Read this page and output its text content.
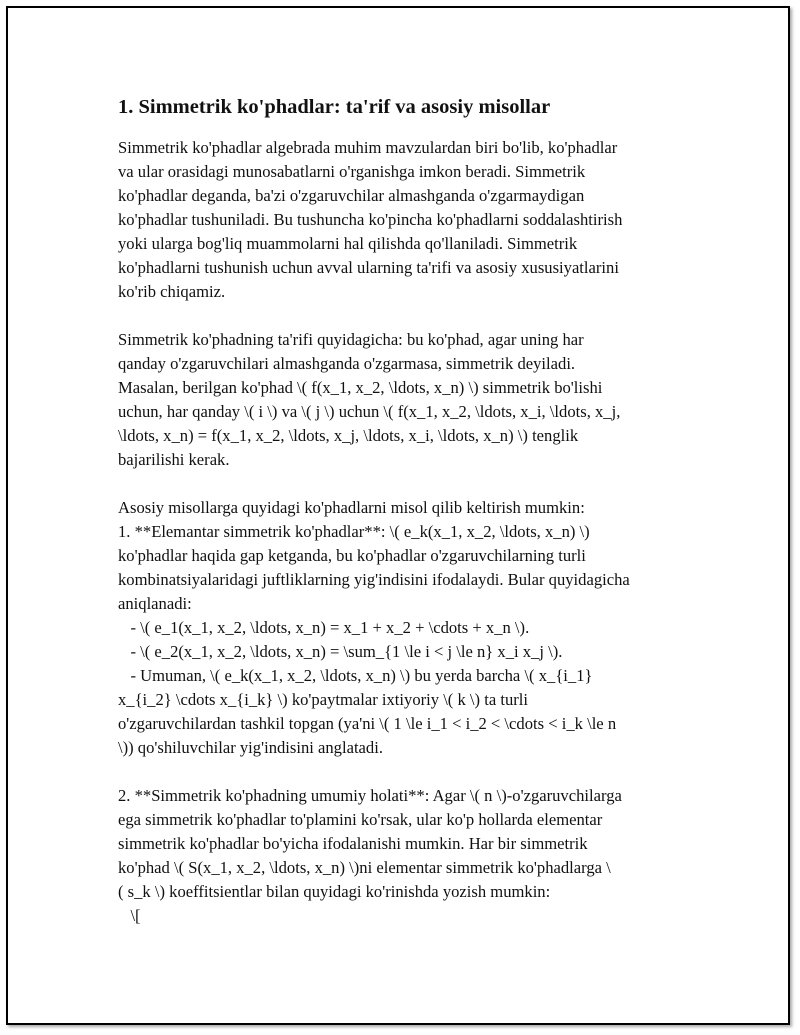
1. Simmetrik ko'phadlar: ta'rif va asosiy misollar
Simmetrik ko'phadlar algebrada muhim mavzulardan biri bo'lib, ko'phadlar
va ular orasidagi munosabatlarni o'rganishga imkon beradi. Simmetrik
ko'phadlar deganda, ba'zi o'zgaruvchilar almashganda o'zgarmaydigan
ko'phadlar tushuniladi. Bu tushuncha ko'pincha ko'phadlarni soddalashtirish
yoki ularga bog'liq muammolarni hal qilishda qo'llaniladi. Simmetrik
ko'phadlarni tushunish uchun avval ularning ta'rifi va asosiy xususiyatlarini
ko'rib chiqamiz.
Simmetrik ko'phadning ta'rifi quyidagicha: bu ko'phad, agar uning har
qanday o'zgaruvchilari almashganda o'zgarmasa, simmetrik deyiladi.
Masalan, berilgan ko'phad \( f(x_1, x_2, \ldots, x_n) \) simmetrik bo'lishi
uchun, har qanday \( i \) va \( j \) uchun \( f(x_1, x_2, \ldots, x_i, \ldots, x_j,
\ldots, x_n) = f(x_1, x_2, \ldots, x_j, \ldots, x_i, \ldots, x_n) \) tenglik
bajarilishi kerak.
Asosiy misollarga quyidagi ko'phadlarni misol qilib keltirish mumkin:
1. **Elemantar simmetrik ko'phadlar**: \( e_k(x_1, x_2, \ldots, x_n) \)
ko'phadlar haqida gap ketganda, bu ko'phadlar o'zgaruvchilarning turli
kombinatsiyalaridagi juftliklarning yig'indisini ifodalaydi. Bular quyidagicha
aniqlanadi:
- \( e_1(x_1, x_2, \ldots, x_n) = x_1 + x_2 + \cdots + x_n \).
- \( e_2(x_1, x_2, \ldots, x_n) = \sum_{1 \le i < j \le n} x_i x_j \).
- Umuman, \( e_k(x_1, x_2, \ldots, x_n) \) bu yerda barcha \( x_{i_1}
x_{i_2} \cdots x_{i_k} \) ko'paytmalar ixtiyoriy \( k \) ta turli
o'zgaruvchilardan tashkil topgan (ya'ni \( 1 \le i_1 < i_2 < \cdots < i_k \le n
\)) qo'shiluvchilar yig'indisini anglatadi.
2. **Simmetrik ko'phadning umumiy holati**: Agar \( n \)-o'zgaruvchilarga
ega simmetrik ko'phadlar to'plamini ko'rsak, ular ko'p hollarda elementar
simmetrik ko'phadlar bo'yicha ifodalanishi mumkin. Har bir simmetrik
ko'phad \( S(x_1, x_2, \ldots, x_n) \)ni elementar simmetrik ko'phadlarga \
( s_k \) koeffitsientlar bilan quyidagi ko'rinishda yozish mumkin:
\[
